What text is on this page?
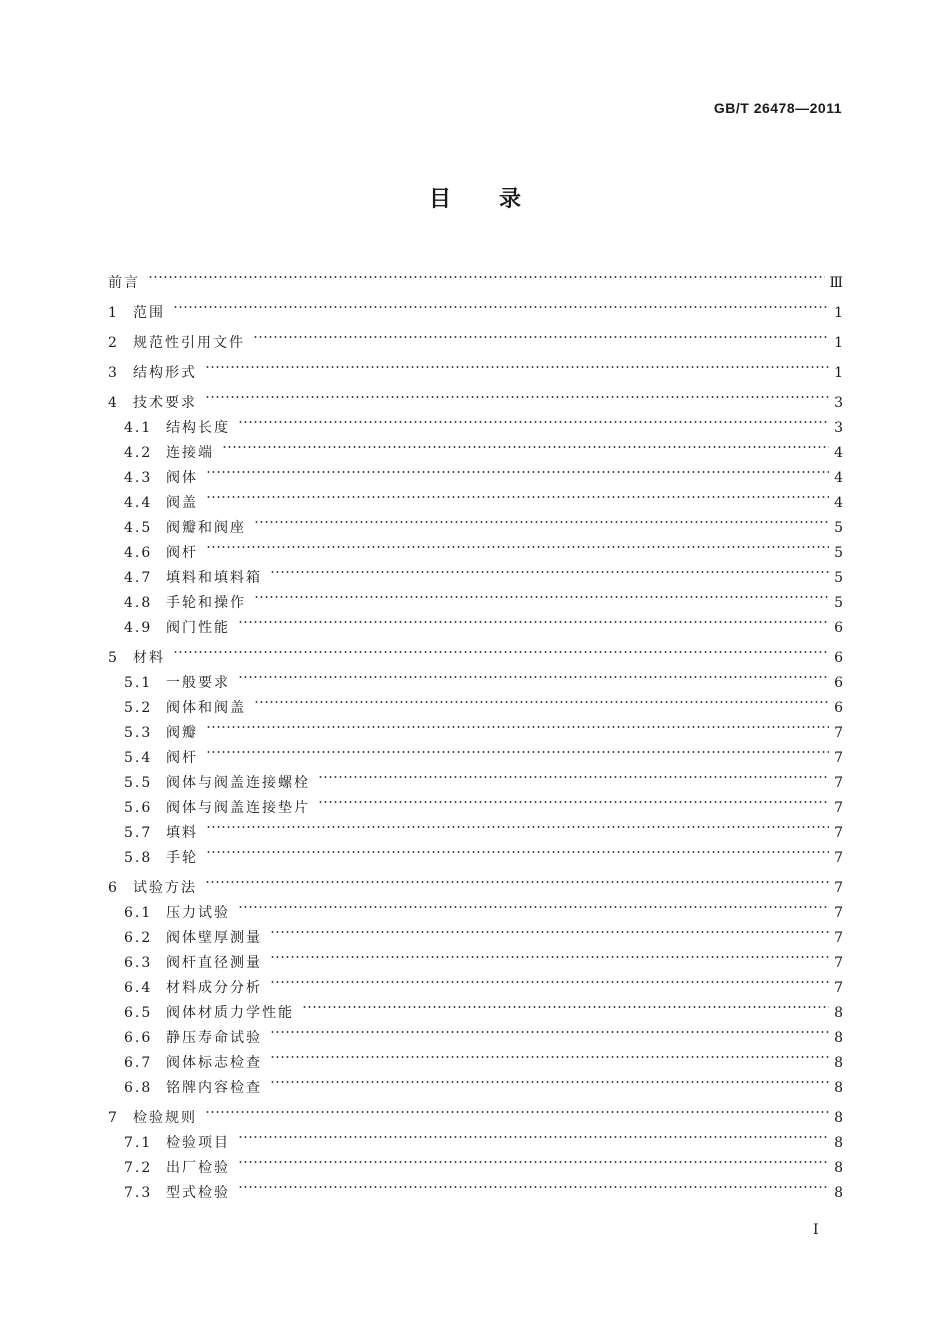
GB/T 26478—2011
目录
前言	Ⅲ
1	范围	1
2	规范性引用文件	1
3	结构形式	1
4	技术要求	3
4.1 结构长度	3
4.2 连接端	4
4.3 阀体	4
4.4 阀盖	4
4.5 阀瓣和阀座	5
4.6 阀杆	5
4.7 填料和填料箱	5
4.8 手轮和操作	5
4.9 阀门性能	6
5	材料	6
5.1 一般要求	6
5.2 阀体和阀盖	6
5.3 阀瓣	7
5.4 阀杆	7
5.5 阀体与阀盖连接螺栓	7
5.6 阀体与阀盖连接垫片	7
5.7 填料	7
5.8 手轮	7
6	试验方法	7
6.1 压力试验	7
6.2 阀体壁厚测量	7
6.3 阀杆直径测量	7
6.4 材料成分分析	7
6.5 阀体材质力学性能	8
6.6 静压寿命试验	8
6.7 阀体标志检查	8
6.8 铭牌内容检查	8
7	检验规则	8
7.1 检验项目	8
7.2 出厂检验	8
7.3 型式检验	8
I
